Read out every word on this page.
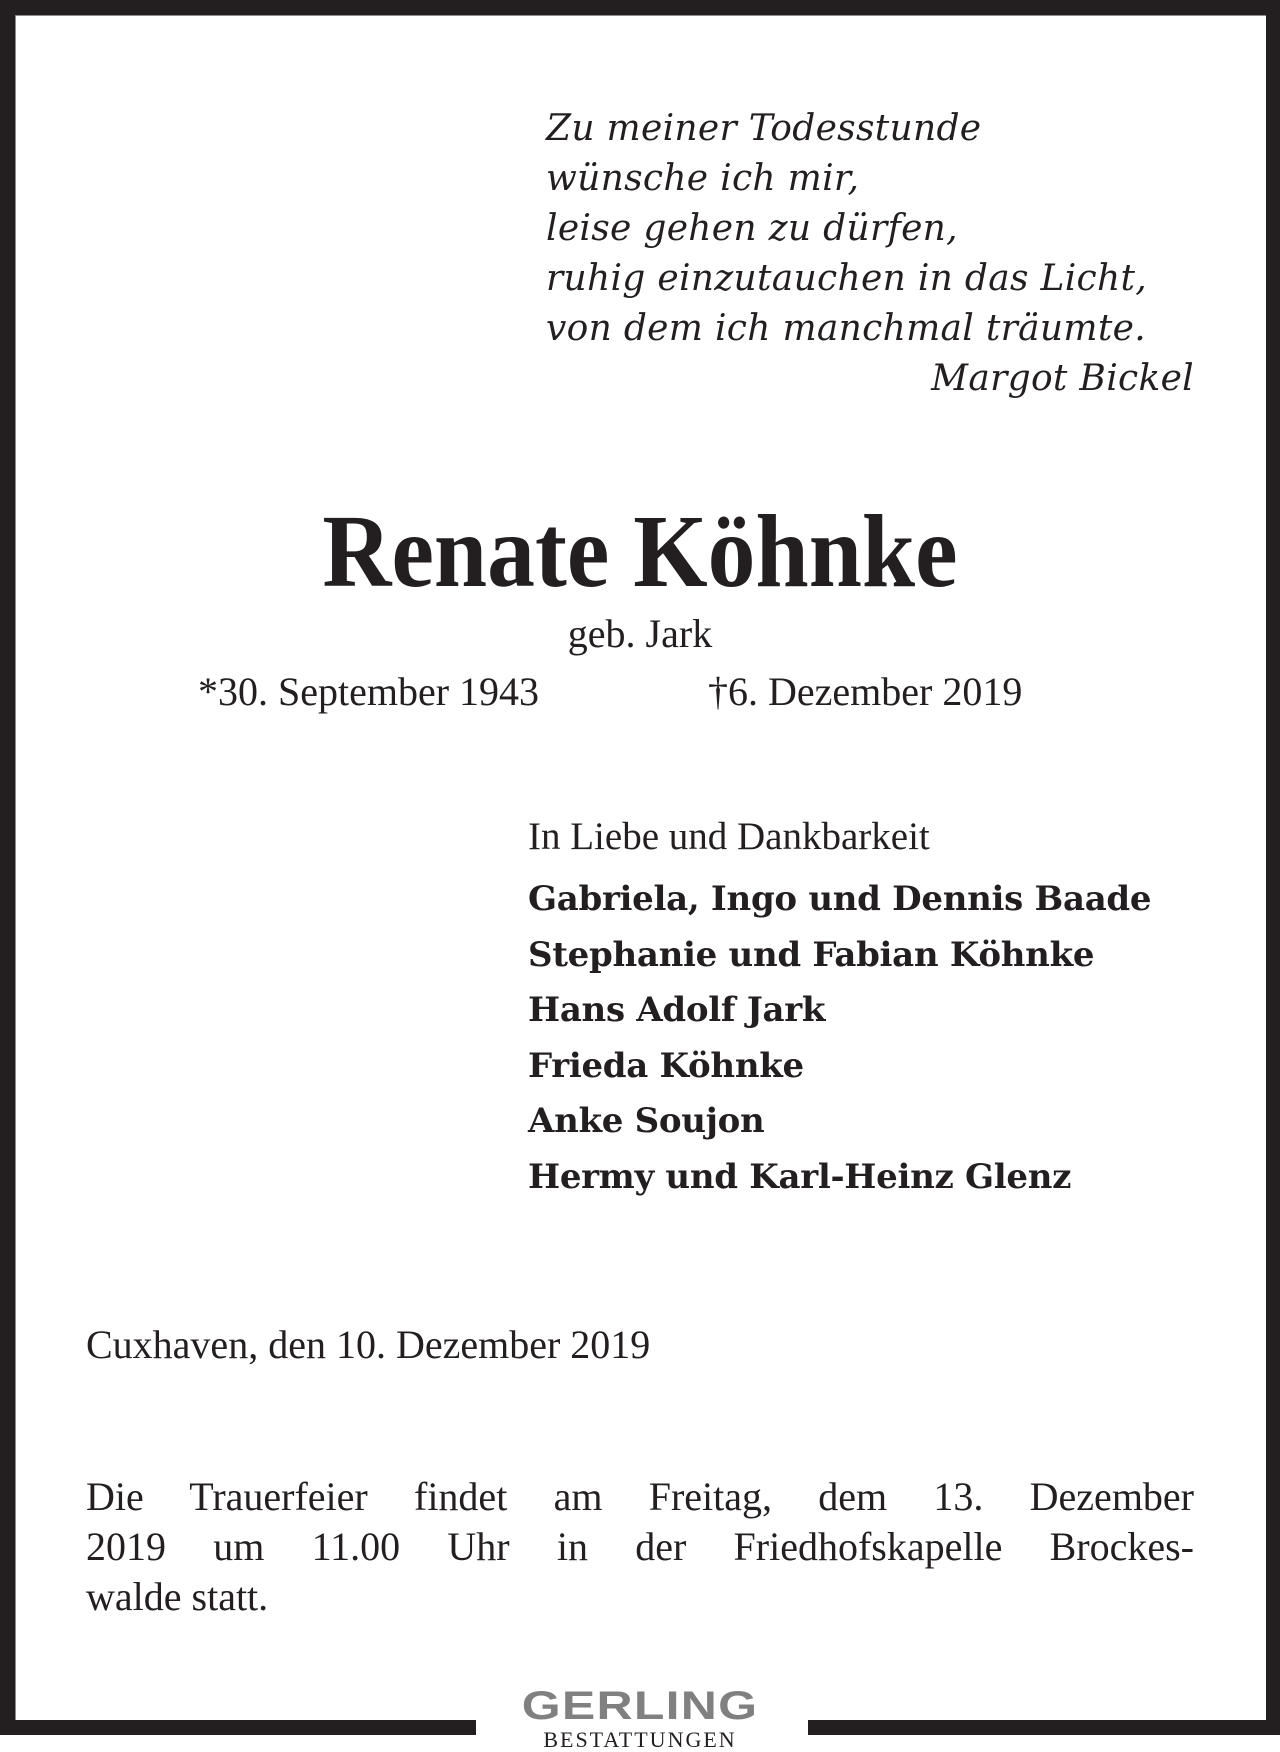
Zu meiner Todesstunde
wünsche ich mir,
leise gehen zu dürfen,
ruhig einzutauchen in das Licht,
von dem ich manchmal träumte.
Margot Bickel
Renate Köhnke
geb. Jark
*30. September 1943	†6. Dezember 2019
In Liebe und Dankbarkeit
Gabriela, Ingo und Dennis Baade
Stephanie und Fabian Köhnke
Hans Adolf Jark
Frieda Köhnke
Anke Soujon
Hermy und Karl-Heinz Glenz
Cuxhaven, den 10. Dezember 2019
Die Trauerfeier findet am Freitag, dem 13. Dezember
2019 um 11.00 Uhr in der Friedhofskapelle Brockes-
walde statt.
GERLING
BESTATTUNGEN
